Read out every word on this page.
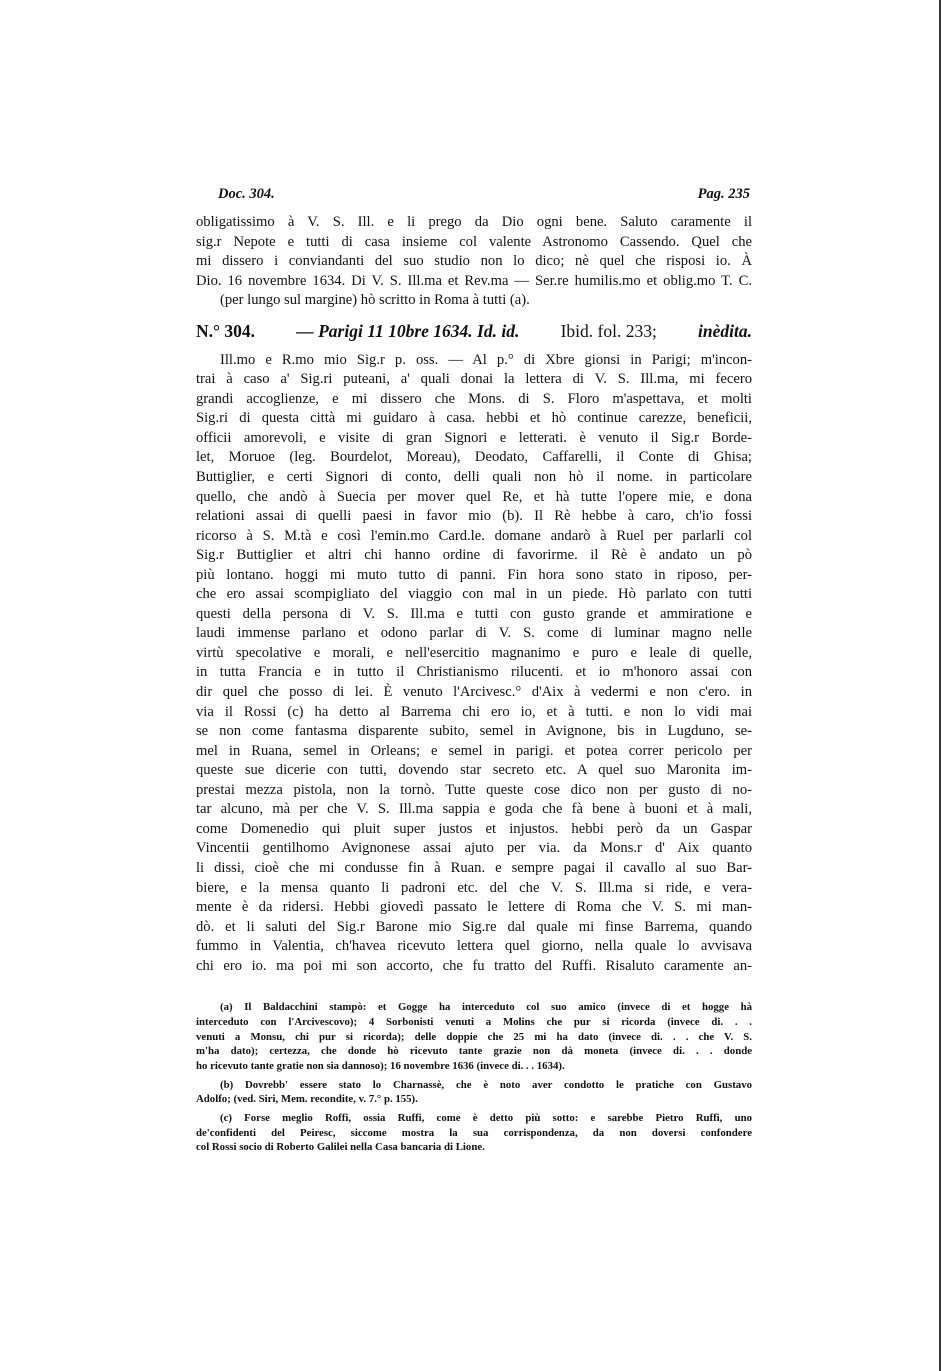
Doc. 304.	Pag. 235
obligatissimo à V. S. Ill. e li prego da Dio ogni bene. Saluto caramente il
sig.r Nepote e tutti di casa insieme col valente Astronomo Cassendo. Quel che
mi dissero i conviandanti del suo studio non lo dico; nè quel che risposi io. À
Dio. 16 novembre 1634. Di V. S. Ill.ma et Rev.ma — Ser.re humilis.mo et oblig.mo T. C.
(per lungo sul margine) hò scritto in Roma à tutti (a).
N.° 304. — Parigi 11 10bre 1634. Id. id. Ibid. fol. 233; inèdita.
Ill.mo e R.mo mio Sig.r p. oss. — Al p.° di Xbre gionsi in Parigi; m'incon-
trai à caso a' Sig.ri puteani, a' quali donai la lettera di V. S. Ill.ma, mi fecero
grandi accoglienze, e mi dissero che Mons. di S. Floro m'aspettava, et molti
Sig.ri di questa città mi guidaro à casa. hebbi et hò continue carezze, beneficii,
officii amorevoli, e visite di gran Signori e letterati. è venuto il Sig.r Borde-
let, Moruoe (leg. Bourdelot, Moreau), Deodato, Caffarelli, il Conte di Ghisa;
Buttiglier, e certi Signori di conto, delli quali non hò il nome. in particolare
quello, che andò à Suecia per mover quel Re, et hà tutte l'opere mie, e dona
relationi assai di quelli paesi in favor mio (b). Il Rè hebbe à caro, ch'io fossi
ricorso à S. M.tà e così l'emin.mo Card.le. domane andarò à Ruel per parlarli col
Sig.r Buttiglier et altri chi hanno ordine di favorirme. il Rè è andato un pò
più lontano. hoggi mi muto tutto di panni. Fin hora sono stato in riposo, per-
che ero assai scompigliato del viaggio con mal in un piede. Hò parlato con tutti
questi della persona di V. S. Ill.ma e tutti con gusto grande et ammiratione e
laudi immense parlano et odono parlar di V. S. come di luminar magno nelle
virtù specolative e morali, e nell'esercitio magnanimo e puro e leale di quelle,
in tutta Francia e in tutto il Christianismo rilucenti. et io m'honoro assai con
dir quel che posso di lei. È venuto l'Arcivesc.° d'Aix à vedermi e non c'ero. in
via il Rossi (c) ha detto al Barrema chi ero io, et à tutti. e non lo vidi mai
se non come fantasma disparente subito, semel in Avignone, bis in Lugduno, se-
mel in Ruana, semel in Orleans; e semel in parigi. et potea correr pericolo per
queste sue dicerie con tutti, dovendo star secreto etc. A quel suo Maronita im-
prestai mezza pistola, non la tornò. Tutte queste cose dico non per gusto di no-
tar alcuno, mà per che V. S. Ill.ma sappia e goda che fà bene à buoni et à mali,
come Domenedio qui pluit super justos et injustos. hebbi però da un Gaspar
Vincentii gentilhomo Avignonese assai ajuto per via. da Mons.r d' Aix quanto
li dissi, cioè che mi condusse fin à Ruan. e sempre pagai il cavallo al suo Bar-
biere, e la mensa quanto li padroni etc. del che V. S. Ill.ma si ride, e vera-
mente è da ridersi. Hebbi giovedì passato le lettere di Roma che V. S. mi man-
dò. et li saluti del Sig.r Barone mio Sig.re dal quale mi finse Barrema, quando
fummo in Valentia, ch'havea ricevuto lettera quel giorno, nella quale lo avvisava
chi ero io. ma poi mi son accorto, che fu tratto del Ruffi. Risaluto caramente an-
(a) Il Baldacchini stampò: et Gogge ha interceduto col suo amico (invece di et hogge hà
interceduto con l'Arcivescovo); 4 Sorbonisti venuti a Molins che pur si ricorda (invece di. . .
venuti a Monsu, chi pur si ricorda); delle doppie che 25 mi ha dato (invece di. . . che V. S.
m'ha dato); certezza, che donde hò ricevuto tante grazie non dà moneta (invece di. . . donde
ho ricevuto tante gratie non sia dannoso); 16 novembre 1636 (invece di. . . 1634).
(b) Dovrebb' essere stato lo Charnassè, che è noto aver condotto le pratiche con Gustavo
Adolfo; (ved. Siri, Mem. recondite, v. 7.° p. 155).
(c) Forse meglio Roffi, ossia Ruffi, come è detto più sotto: e sarebbe Pietro Ruffi, uno
de'confidenti del Peiresc, siccome mostra la sua corrispondenza, da non doversi confondere
col Rossi socio di Roberto Galilei nella Casa bancaria di Lione.
